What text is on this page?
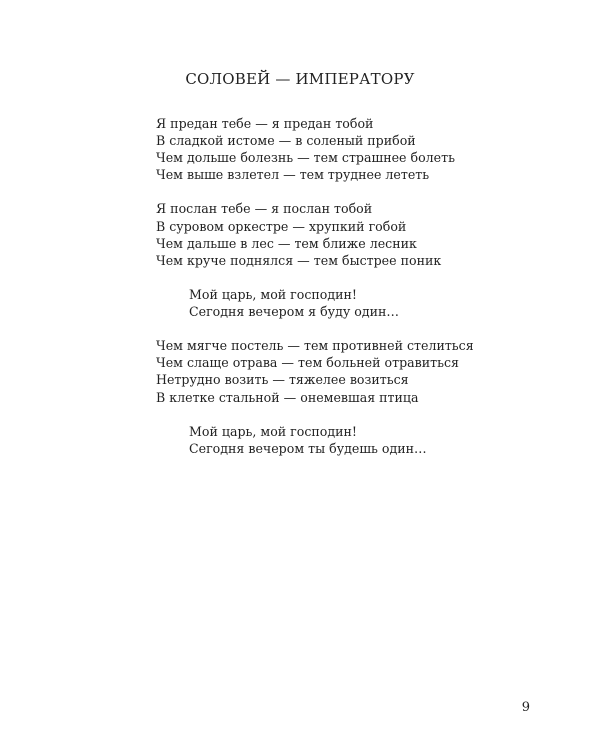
СОЛОВЕЙ — ИМПЕРАТОРУ
Я предан тебе — я предан тобой
В сладкой истоме — в соленый прибой
Чем дольше болезнь — тем страшнее болеть
Чем выше взлетел — тем труднее лететь
Я послан тебе — я послан тобой
В суровом оркестре — хрупкий гобой
Чем дальше в лес — тем ближе лесник
Чем круче поднялся — тем быстрее поник
Мой царь, мой господин!
Сегодня вечером я буду один…
Чем мягче постель — тем противней стелиться
Чем слаще отрава — тем больней отравиться
Нетрудно возить — тяжелее возиться
В клетке стальной — онемевшая птица
Мой царь, мой господин!
Сегодня вечером ты будешь один…
9
